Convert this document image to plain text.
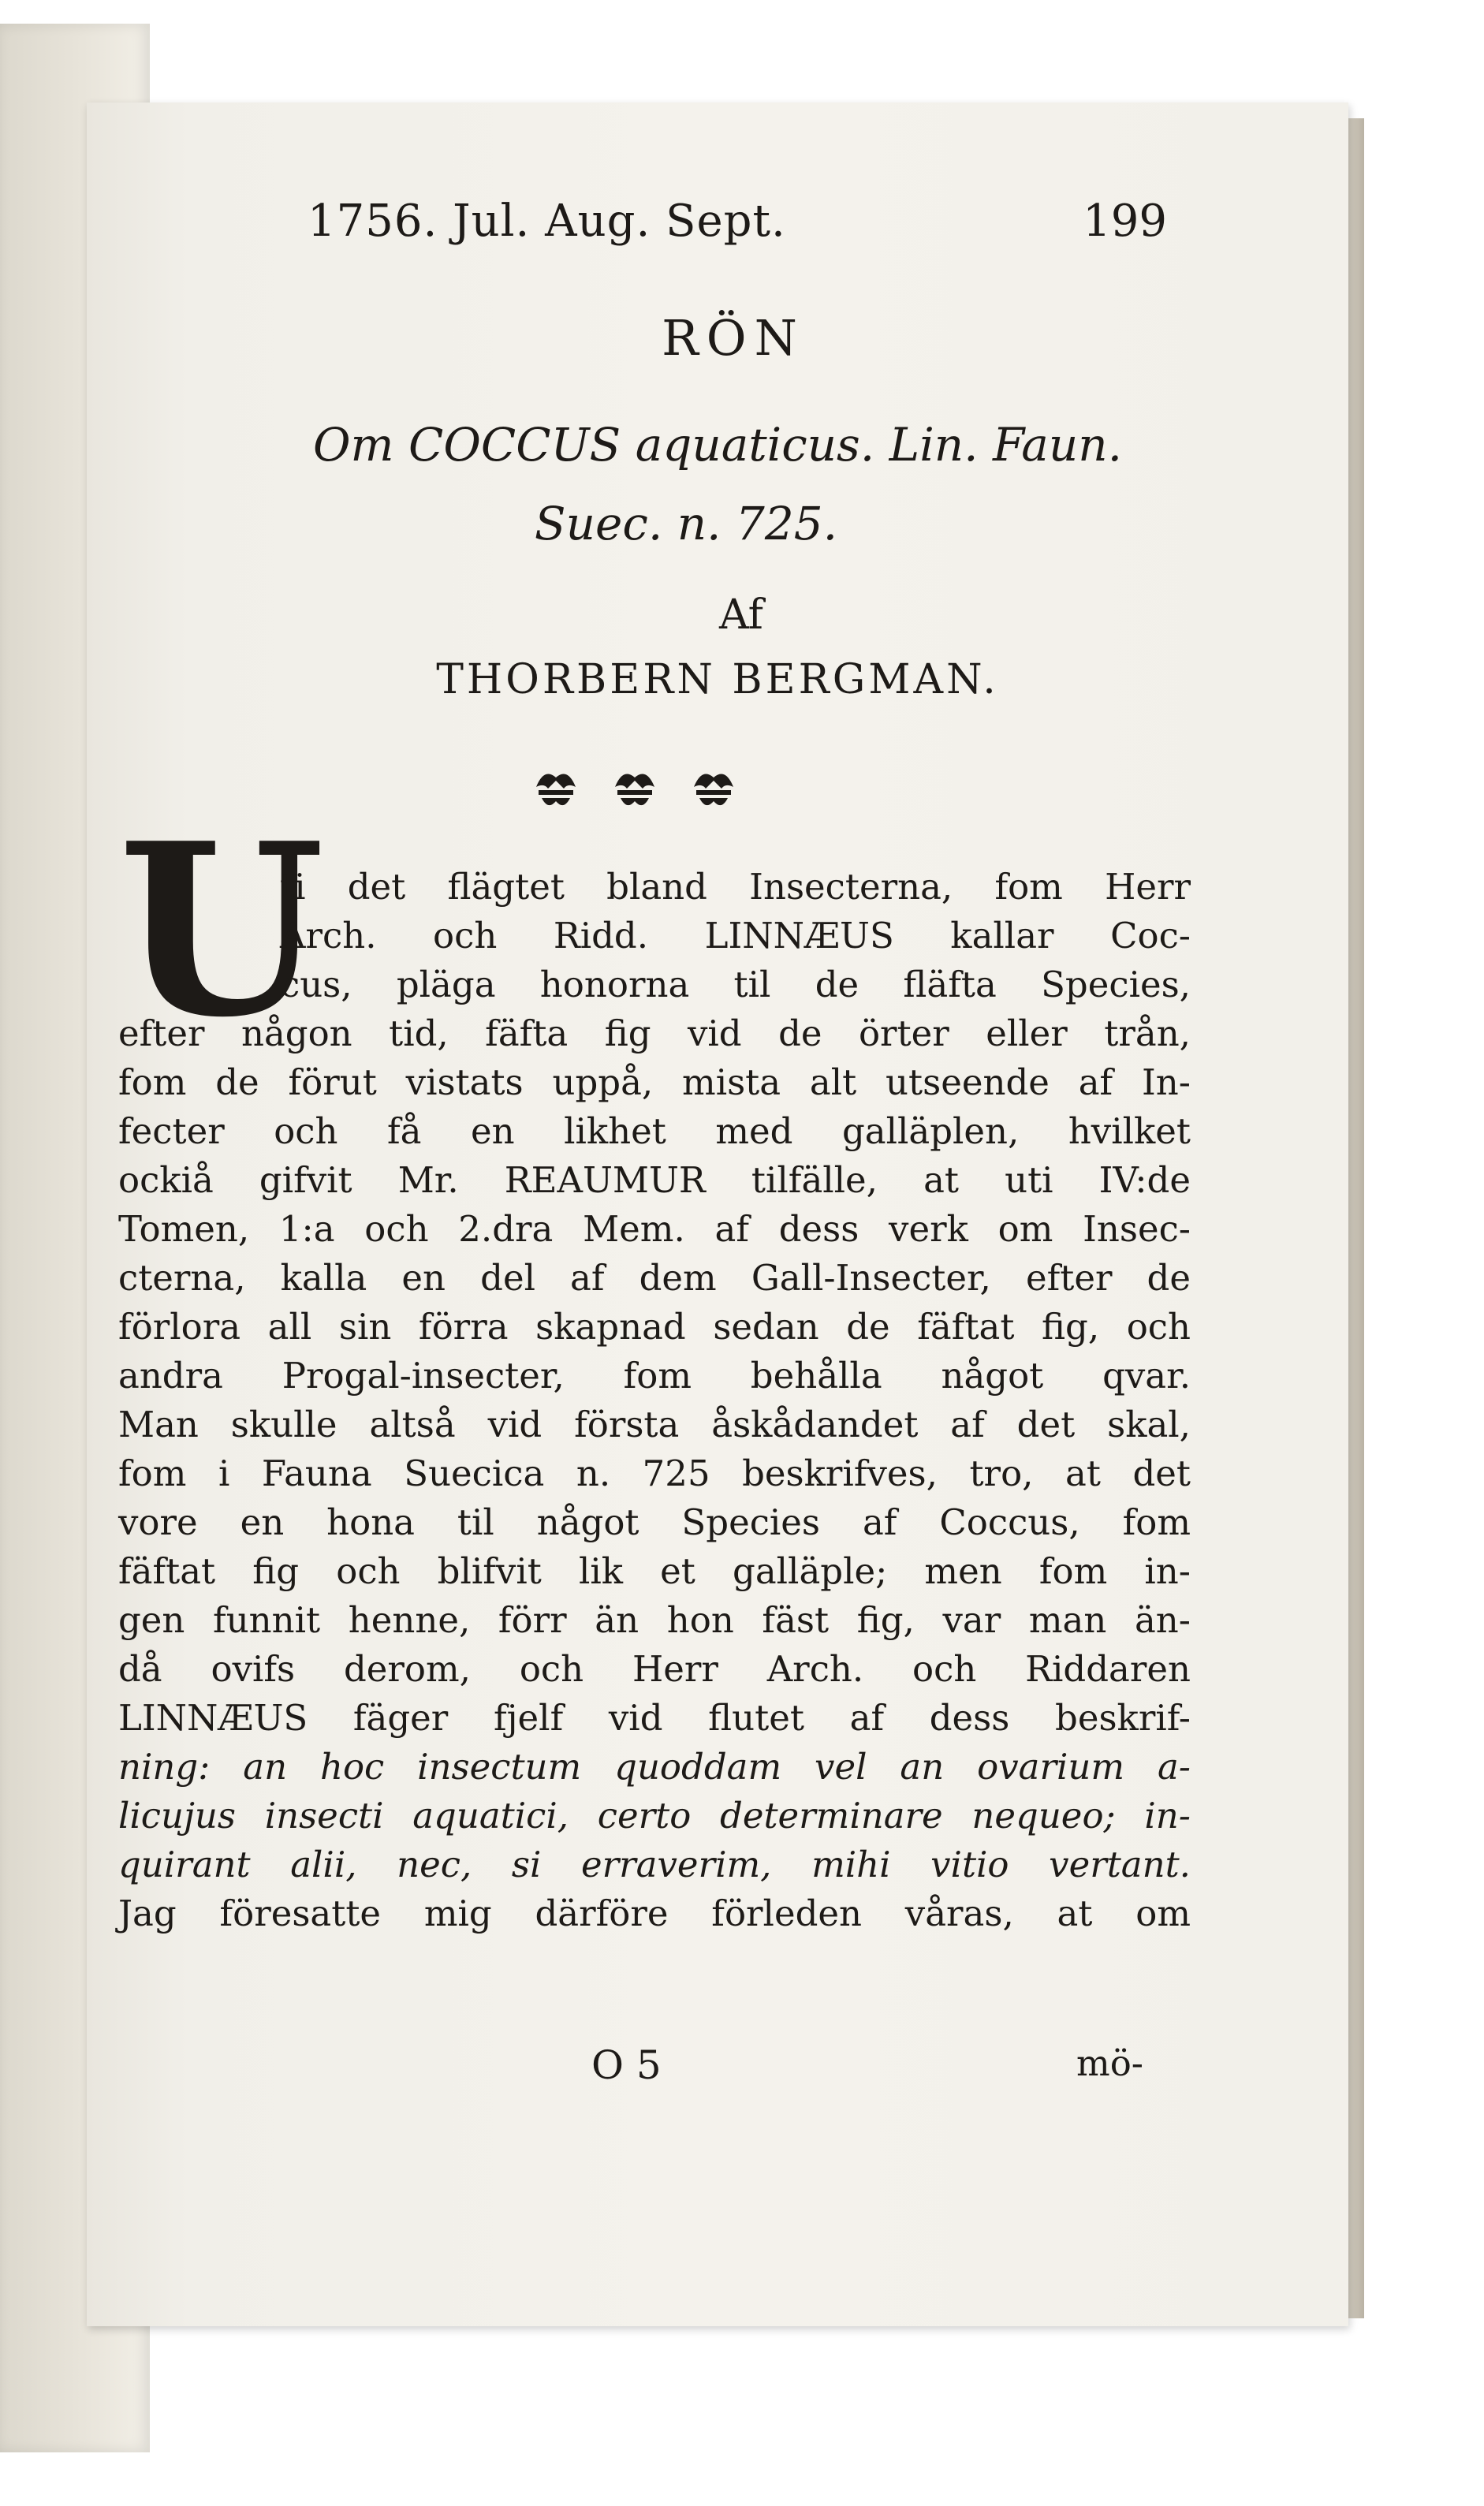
1756. Jul. Aug. Sept.	199
RÖN
Om COCCUS aquaticus. Lin. Faun.
Suec. n. 725.
Af
THORBERN BERGMAN.
U
ti det flägtet bland Insecterna, fom Herr
Arch. och Ridd. LINNÆUS kallar Coc-
cus, pläga honorna til de fläfta Species,
efter någon tid, fäfta fig vid de örter eller trån,
fom de förut vistats uppå, mista alt utseende af In-
fecter och få en likhet med galläplen, hvilket
ockiå gifvit Mr. REAUMUR tilfälle, at uti IV:de
Tomen, 1:a och 2.dra Mem. af dess verk om Insec-
cterna, kalla en del af dem Gall-Insecter, efter de
förlora all sin förra skapnad sedan de fäftat fig, och
andra Progal-insecter, fom behålla något qvar.
Man skulle altså vid första åskådandet af det skal,
fom i Fauna Suecica n. 725 beskrifves, tro, at det
vore en hona til något Species af Coccus, fom
fäftat fig och blifvit lik et galläple; men fom in-
gen funnit henne, förr än hon fäst fig, var man än-
då ovifs derom, och Herr Arch. och Riddaren
LINNÆUS fäger fjelf vid flutet af dess beskrif-
ning: an hoc insectum quoddam vel an ovarium a-
licujus insecti aquatici, certo determinare nequeo; in-
quirant alii, nec, si erraverim, mihi vitio vertant.
Jag föresatte mig därföre förleden våras, at om
O 5	mö-
